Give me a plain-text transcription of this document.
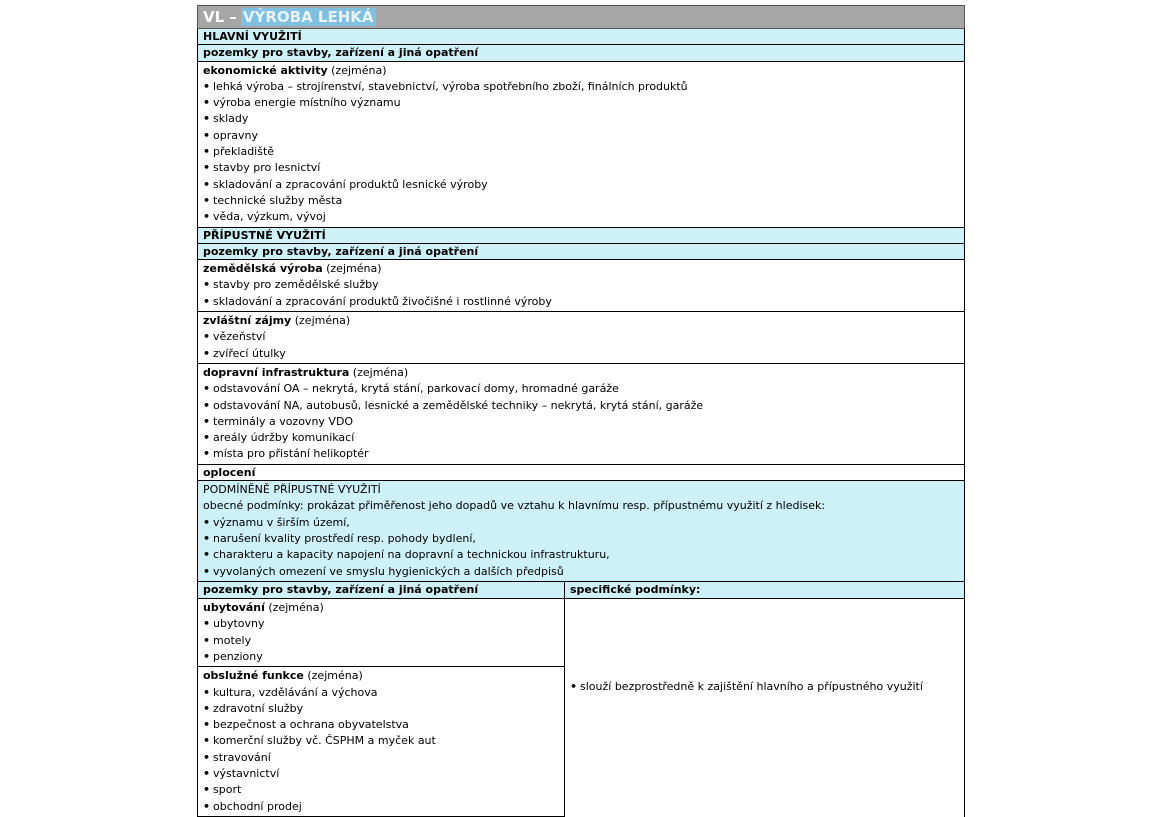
VL – VÝROBA LEHKÁ
HLAVNÍ VYUŽITÍ
pozemky pro stavby, zařízení a jiná opatření
ekonomické aktivity (zejména)
• lehká výroba – strojírenství, stavebnictví, výroba spotřebního zboží, finálních produktů
• výroba energie místního významu
• sklady
• opravny
• překladiště
• stavby pro lesnictví
• skladování a zpracování produktů lesnické výroby
• technické služby města
• věda, výzkum, vývoj
PŘÍPUSTNÉ VYUŽITÍ
pozemky pro stavby, zařízení a jiná opatření
zemědělská výroba (zejména)
• stavby pro zemědělské služby
• skladování a zpracování produktů živočišné i rostlinné výroby
zvláštní zájmy (zejména)
• vězeňství
• zvířecí útulky
dopravní infrastruktura (zejména)
• odstavování OA – nekrytá, krytá stání, parkovací domy, hromadné garáže
• odstavování NA, autobusů, lesnické a zemědělské techniky – nekrytá, krytá stání, garáže
• terminály a vozovny VDO
• areály údržby komunikací
• místa pro přistání helikoptér
oplocení
PODMÍNĚNĚ PŘÍPUSTNÉ VYUŽITÍ
obecné podmínky: prokázat přiměřenost jeho dopadů ve vztahu k hlavnímu resp. přípustnému využití z hledisek:
• významu v širším území,
• narušení kvality prostředí resp. pohody bydlení,
• charakteru a kapacity napojení na dopravní a technickou infrastrukturu,
• vyvolaných omezení ve smyslu hygienických a dalších předpisů
pozemky pro stavby, zařízení a jiná opatření
ubytování (zejména)
• ubytovny
• motely
• penziony
obslužné funkce (zejména)
• kultura, vzdělávání a výchova
• zdravotní služby
• bezpečnost a ochrana obyvatelstva
• komerční služby vč. ČSPHM a myček aut
• stravování
• výstavnictví
• sport
• obchodní prodej
specifické podmínky:
• slouží bezprostředně k zajištění hlavního a přípustného využití
